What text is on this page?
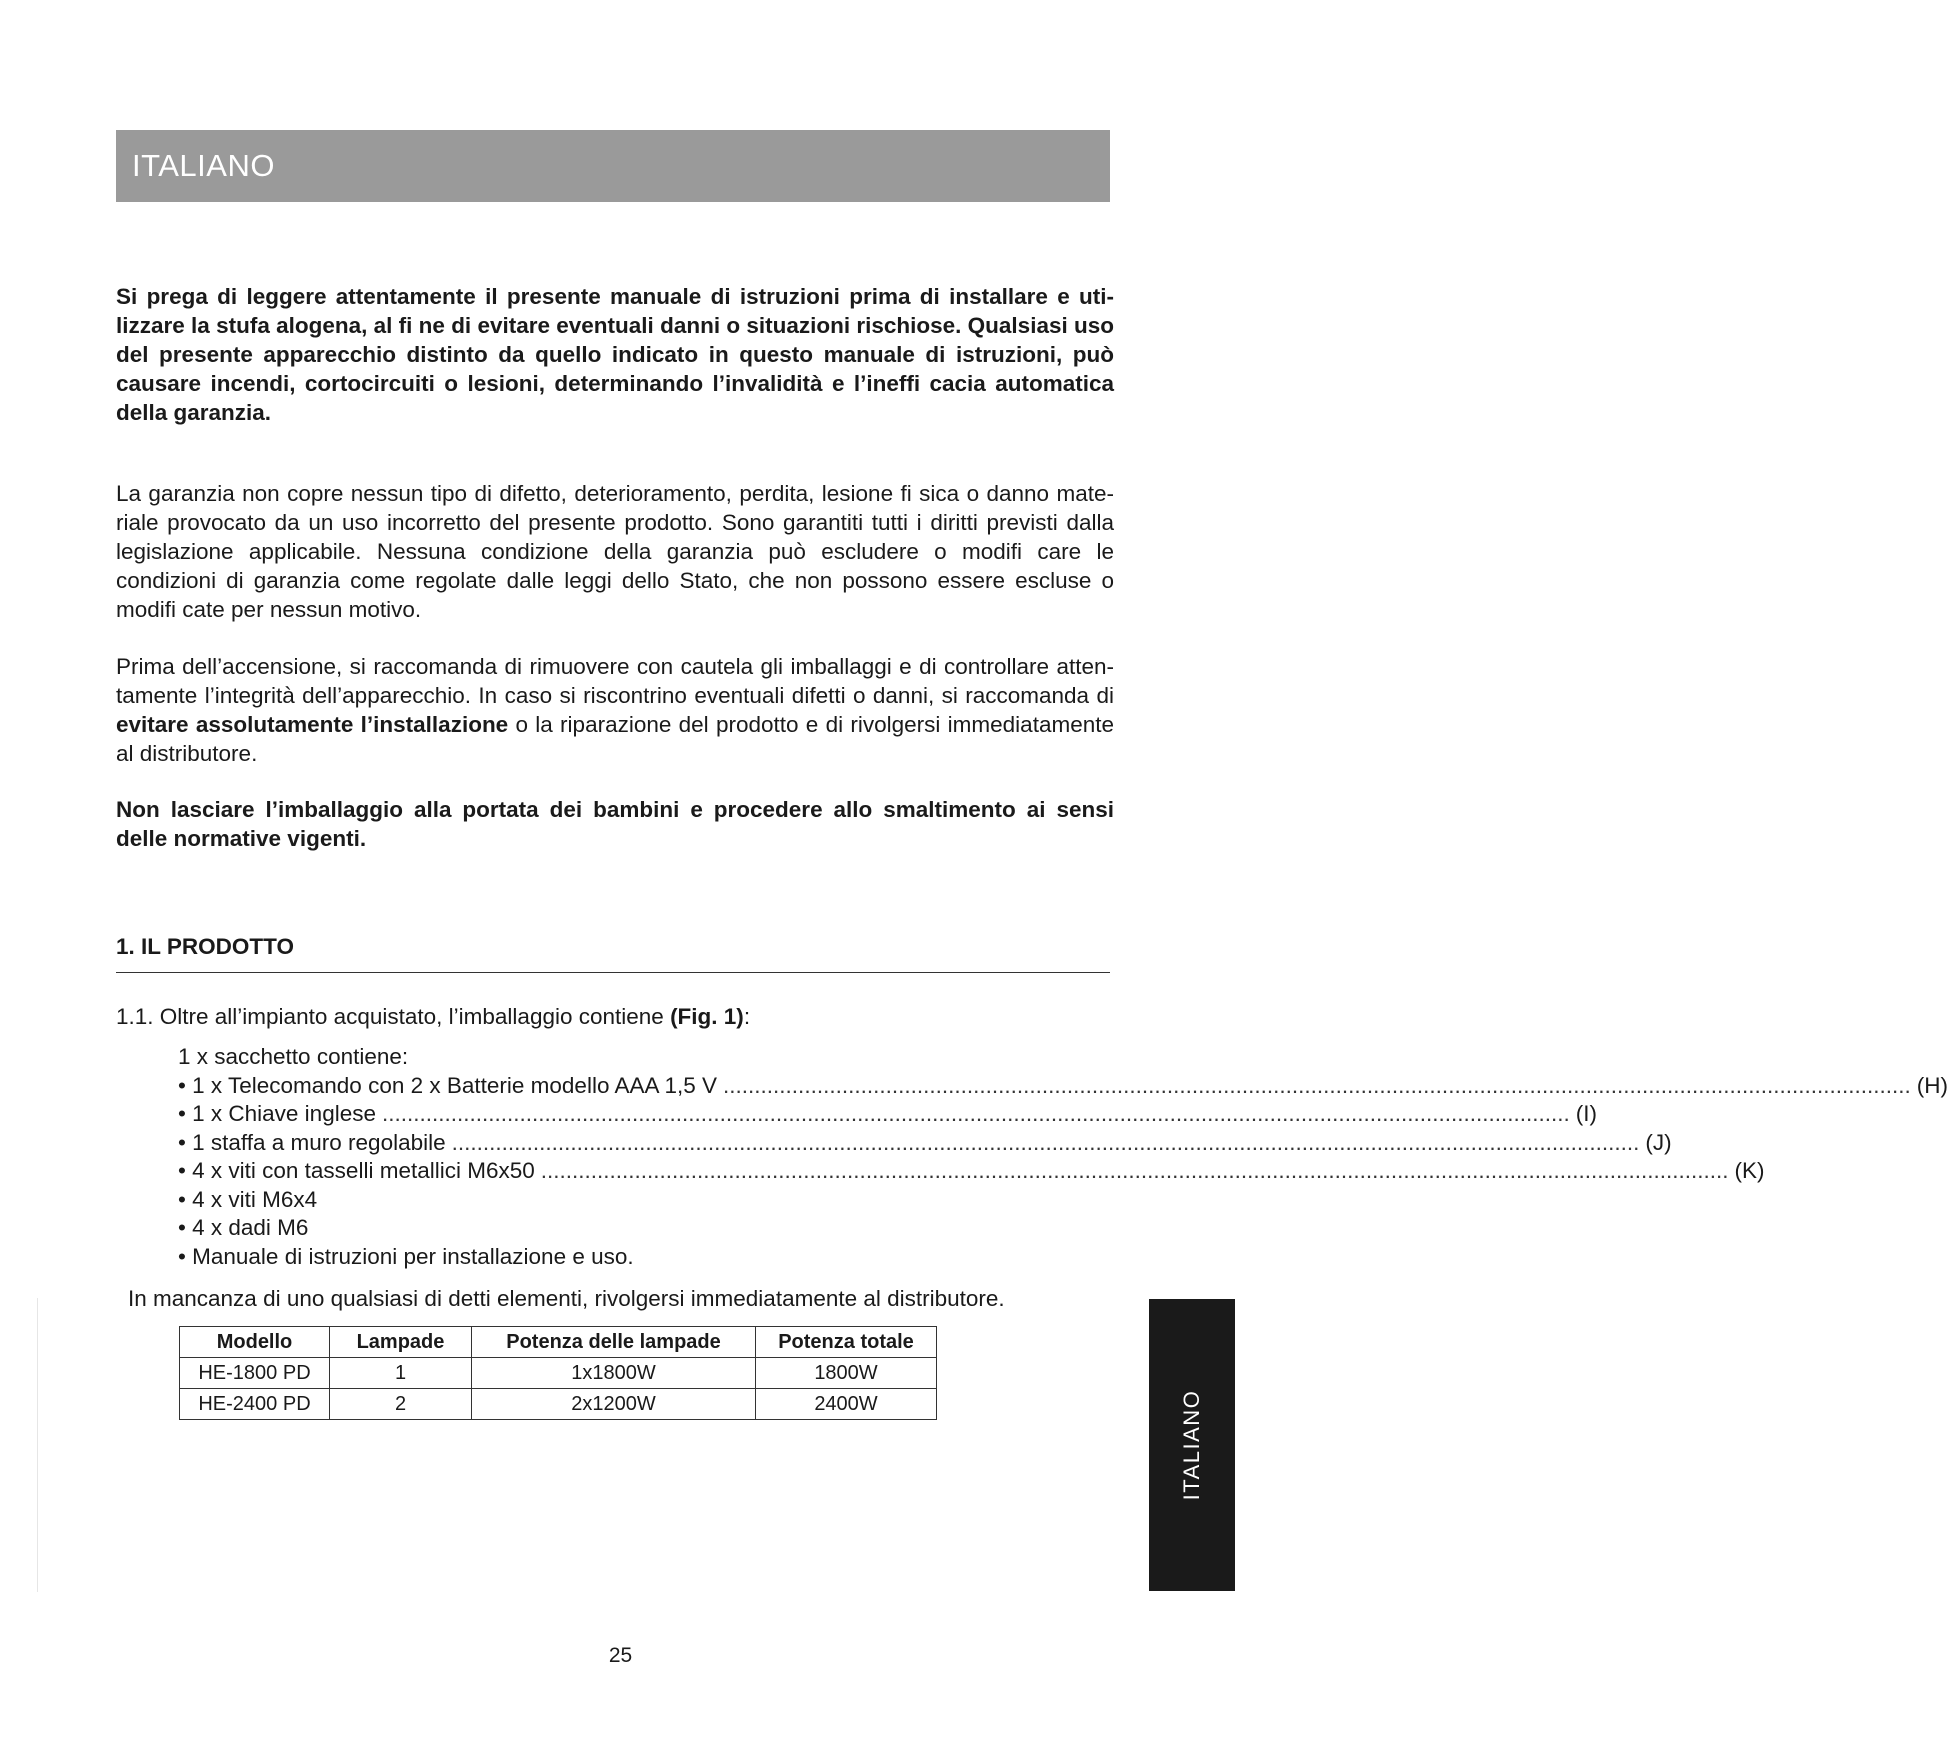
ITALIANO
Si prega di leggere attentamente il presente manuale di istruzioni prima di installare e utilizzare la stufa alogena, al fi ne di evitare eventuali danni o situazioni rischiose. Qualsiasi uso del presente apparecchio distinto da quello indicato in questo manuale di istruzioni, può causare incendi, cortocircuiti o lesioni, determinando l’invalidità e l’ineffi cacia automatica della garanzia.
La garanzia non copre nessun tipo di difetto, deterioramento, perdita, lesione fi sica o danno materiale provocato da un uso incorretto del presente prodotto. Sono garantiti tutti i diritti previsti dalla legislazione applicabile. Nessuna condizione della garanzia può escludere o modifi care le condizioni di garanzia come regolate dalle leggi dello Stato, che non possono essere escluse o modifi cate per nessun motivo.
Prima dell’accensione, si raccomanda di rimuovere con cautela gli imballaggi e di controllare attentamente l’integrità dell’apparecchio. In caso si riscontrino eventuali difetti o danni, si raccomanda di evitare assolutamente l’installazione o la riparazione del prodotto e di rivolgersi immediatamente al distributore.
Non lasciare l’imballaggio alla portata dei bambini e procedere allo smaltimento ai sensi delle normative vigenti.
1. IL PRODOTTO
1.1. Oltre all’impianto acquistato, l’imballaggio contiene (Fig. 1):
1 x sacchetto contiene:
• 1 x Telecomando con 2 x Batterie modello AAA 1,5 V .............................................................................................................................................................................................. (H)
• 1 x Chiave inglese .............................................................................................................................................................................................. (I)
• 1 staffa a muro regolabile .............................................................................................................................................................................................. (J)
• 4 x viti con tasselli metallici M6x50 .............................................................................................................................................................................................. (K)
• 4 x viti M6x4
• 4 x dadi M6
• Manuale di istruzioni per installazione e uso.
In mancanza di uno qualsiasi di detti elementi, rivolgersi immediatamente al distributore.
Modello	Lampade	Potenza delle lampade	Potenza totale
HE-1800 PD	1	1x1800W	1800W
HE-2400 PD	2	2x1200W	2400W	ITALIANO
25
